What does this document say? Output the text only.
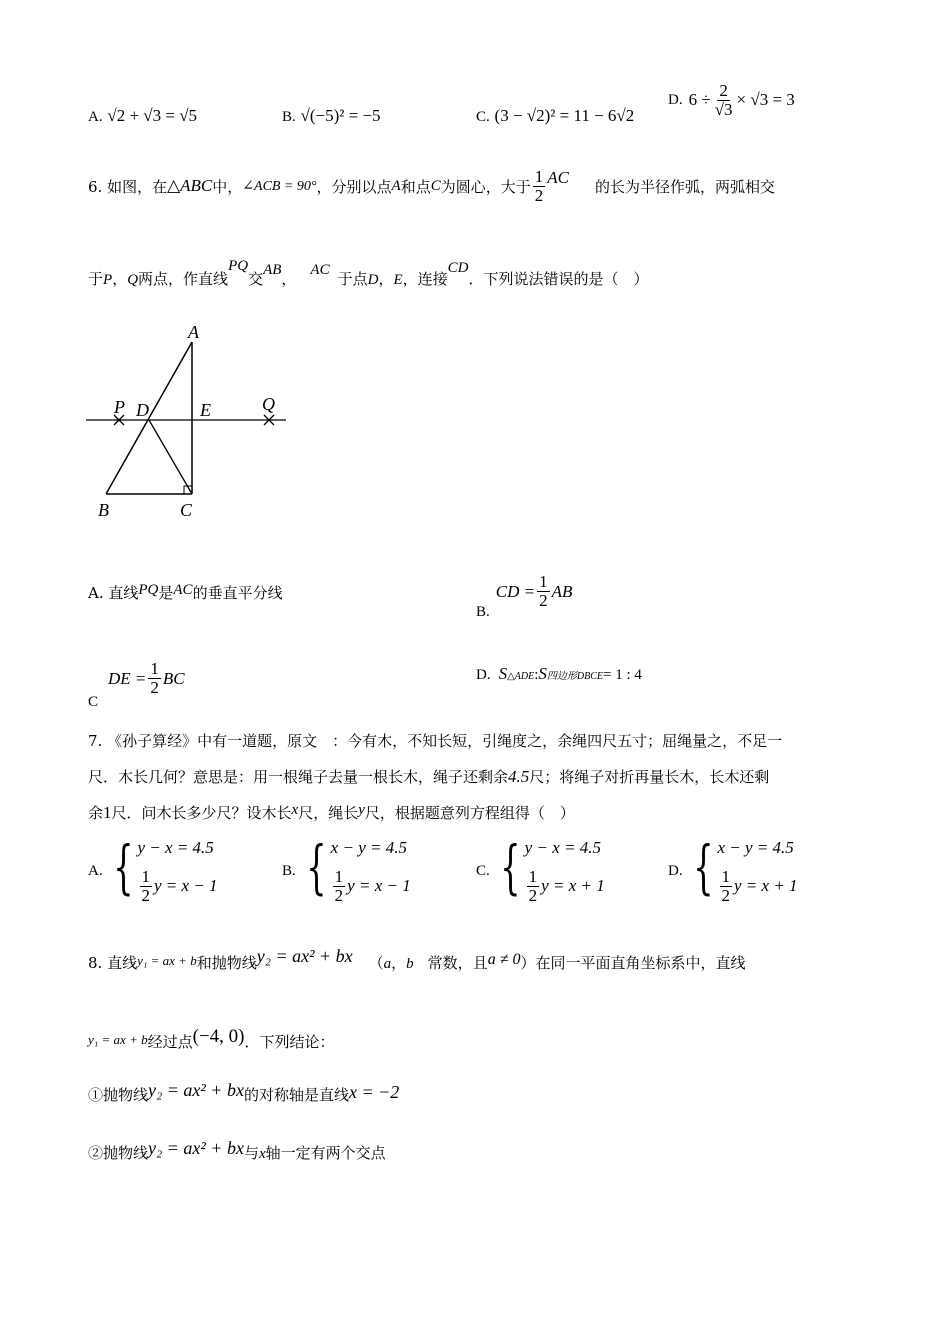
A. √2 + √3 = √5	B. √(−5)² = −5	C. (3 − √2)² = 11 − 6√2
D. $6 \div \frac{2}{√3} \times √3 = 3$
6. 如图，在 △ABC 中， ∠ACB = 90° ，分别以点 A 和点 C 为圆心，大于 $\frac{1}{2}$ AC 的长为半径作弧，两弧相交
于 P ， Q 两点，作直线
PQ
交 AB ， AC 于点 D ， E ，连接
CD
．下列说法错误的是（　）
A
P D	E	Q
B	C
A. 直线 PQ 是 AC 的垂直平分线
B.
CD = $\frac{1}{2}$ AB
C
DE = $\frac{1}{2}$ BC	D. S △ADE : S 四边形DBCE = 1 : 4
7. 《孙子算经》中有一道题，原文　：今有木，不知长短，引绳度之，余绳四尺五寸；屈绳量之，不足一
尺．木长几何？意思是：用一根绳子去量一根长木，绳子还剩余 4.5 尺；将绳子对折再量长木，长木还剩
余 1 尺．问木长多少尺？设木长 x 尺，绳长 y 尺，根据题意列方程组得（　）
A. { y − x = 4.5
$\frac{1}{2}$ y = x − 1
B. { x − y = 4.5
$\frac{1}{2}$ y = x − 1
C. { y − x = 4.5
$\frac{1}{2}$ y = x + 1
D. { x − y = 4.5
$\frac{1}{2}$ y = x + 1
8. 直线 y₁ = ax + b 和抛物线 y₂ = ax² + bx （ a ， b 常数，且 a ≠ 0 ）在同一平面直角坐标系中，直线
y₁ = ax + b 经过点 (−4, 0) ．下列结论：
①抛物线 y₂ = ax² + bx 的对称轴是直线 x = −2
②抛物线 y₂ = ax² + bx 与 x 轴一定有两个交点
